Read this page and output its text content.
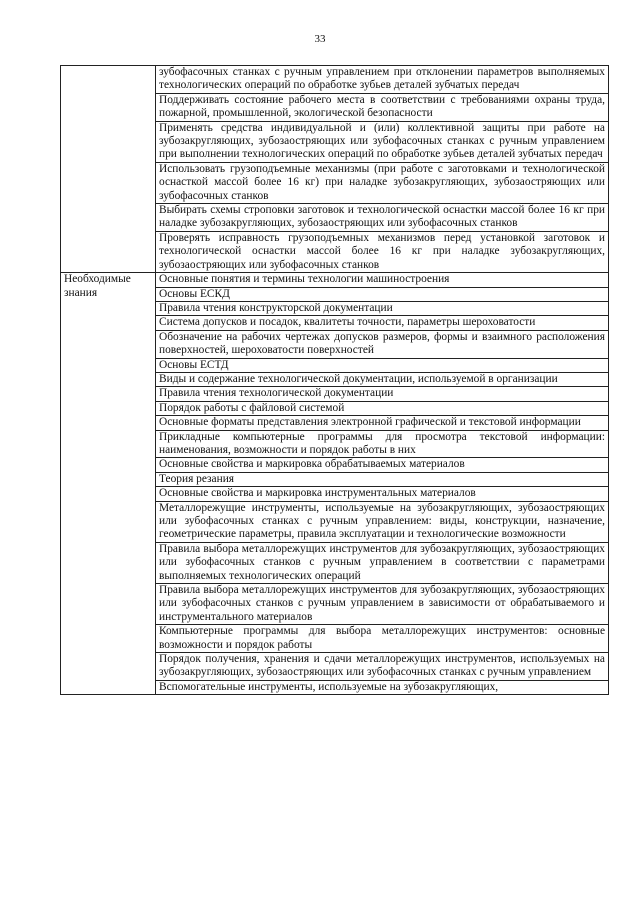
33
	зубофасочных станках с ручным управлением при отклонении параметров выполняемых технологических операций по обработке зубьев деталей зубчатых передач
	Поддерживать состояние рабочего места в соответствии с требованиями охраны труда, пожарной, промышленной, экологической безопасности
	Применять средства индивидуальной и (или) коллективной защиты при работе на зубозакругляющих, зубозаостряющих или зубофасочных станках с ручным управлением при выполнении технологических операций по обработке зубьев деталей зубчатых передач
	Использовать грузоподъемные механизмы (при работе с заготовками и технологической оснасткой массой более 16 кг) при наладке зубозакругляющих, зубозаостряющих или зубофасочных станков
	Выбирать схемы строповки заготовок и технологической оснастки массой более 16 кг при наладке зубозакругляющих, зубозаостряющих или зубофасочных станков
	Проверять исправность грузоподъемных механизмов перед установкой заготовок и технологической оснастки массой более 16 кг при наладке зубозакругляющих, зубозаостряющих или зубофасочных станков

Необходимые знания	Основные понятия и термины технологии машиностроения
	Основы ЕСКД
	Правила чтения конструкторской документации
	Система допусков и посадок, квалитеты точности, параметры шероховатости
	Обозначение на рабочих чертежах допусков размеров, формы и взаимного расположения поверхностей, шероховатости поверхностей
	Основы ЕСТД
	Виды и содержание технологической документации, используемой в организации
	Правила чтения технологической документации
	Порядок работы с файловой системой
	Основные форматы представления электронной графической и текстовой информации
	Прикладные компьютерные программы для просмотра текстовой информации: наименования, возможности и порядок работы в них
	Основные свойства и маркировка обрабатываемых материалов
	Теория резания
	Основные свойства и маркировка инструментальных материалов
	Металлорежущие инструменты, используемые на зубозакругляющих, зубозаостряющих или зубофасочных станках с ручным управлением: виды, конструкции, назначение, геометрические параметры, правила эксплуатации и технологические возможности
	Правила выбора металлорежущих инструментов для зубозакругляющих, зубозаостряющих или зубофасочных станков с ручным управлением в соответствии с параметрами выполняемых технологических операций
	Правила выбора металлорежущих инструментов для зубозакругляющих, зубозаостряющих или зубофасочных станков с ручным управлением в зависимости от обрабатываемого и инструментального материалов
	Компьютерные программы для выбора металлорежущих инструментов: основные возможности и порядок работы
	Порядок получения, хранения и сдачи металлорежущих инструментов, используемых на зубозакругляющих, зубозаостряющих или зубофасочных станках с ручным управлением
	Вспомогательные инструменты, используемые на зубозакругляющих,
